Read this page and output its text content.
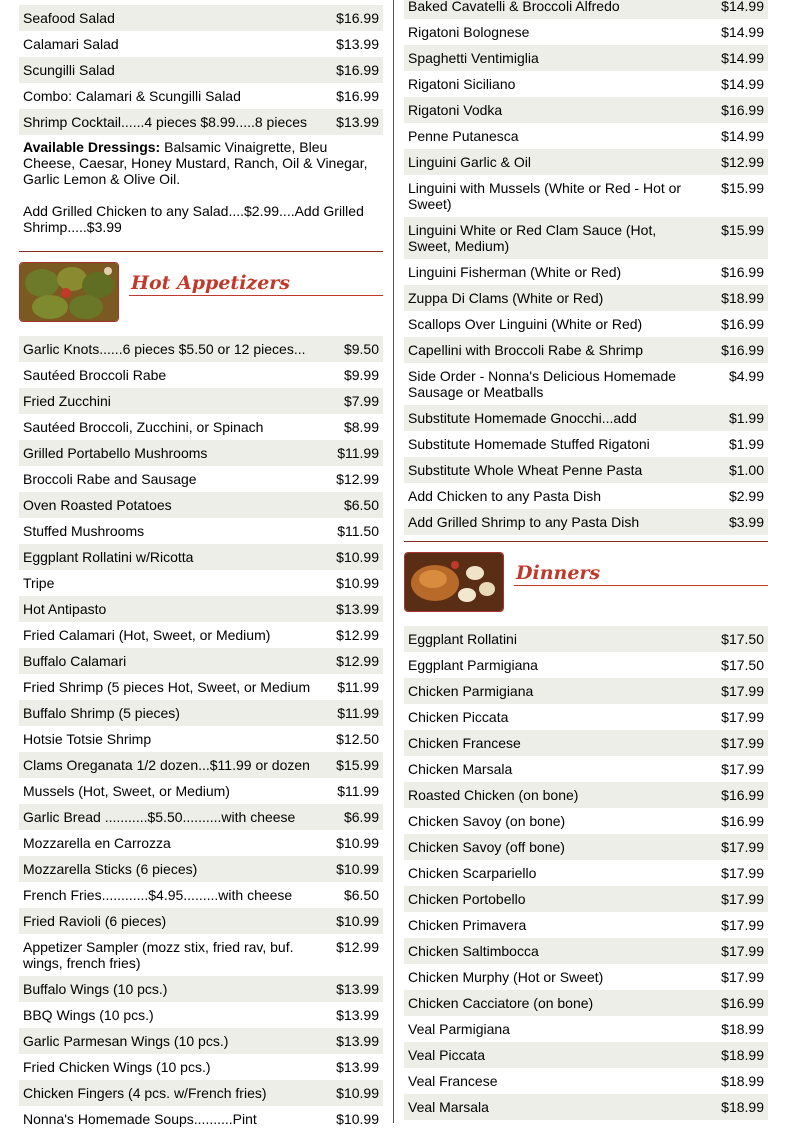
Seafood Salad	$16.99
Calamari Salad	$13.99
Scungilli Salad	$16.99
Combo: Calamari & Scungilli Salad	$16.99
Shrimp Cocktail......4 pieces $8.99.....8 pieces	$13.99

Available Dressings: Balsamic Vinaigrette, Bleu Cheese, Caesar, Honey Mustard, Ranch, Oil & Vinegar, Garlic Lemon & Olive Oil.

Add Grilled Chicken to any Salad....$2.99....Add Grilled Shrimp.....$3.99

Hot Appetizers
Garlic Knots......6 pieces $5.50 or 12 pieces...	$9.50
Sautéed Broccoli Rabe	$9.99
Fried Zucchini	$7.99
Sautéed Broccoli, Zucchini, or Spinach	$8.99
Grilled Portabello Mushrooms	$11.99
Broccoli Rabe and Sausage	$12.99
Oven Roasted Potatoes	$6.50
Stuffed Mushrooms	$11.50
Eggplant Rollatini w/Ricotta	$10.99
Tripe	$10.99
Hot Antipasto	$13.99
Fried Calamari (Hot, Sweet, or Medium)	$12.99
Buffalo Calamari	$12.99
Fried Shrimp (5 pieces Hot, Sweet, or Medium	$11.99
Buffalo Shrimp (5 pieces)	$11.99
Hotsie Totsie Shrimp	$12.50
Clams Oreganata 1/2 dozen...$11.99 or dozen	$15.99
Mussels (Hot, Sweet, or Medium)	$11.99
Garlic Bread ...........$5.50..........with cheese	$6.99
Mozzarella en Carrozza	$10.99
Mozzarella Sticks (6 pieces)	$10.99
French Fries............$4.95.........with cheese	$6.50
Fried Ravioli (6 pieces)	$10.99
Appetizer Sampler (mozz stix, fried rav, buf. wings, french fries)	$12.99
Buffalo Wings (10 pcs.)	$13.99
BBQ Wings (10 pcs.)	$13.99
Garlic Parmesan Wings (10 pcs.)	$13.99
Fried Chicken Wings (10 pcs.)	$13.99
Chicken Fingers (4 pcs. w/French fries)	$10.99
Nonna's Homemade Soups..........Pint	$10.99
Baked Cavatelli & Broccoli Alfredo	$14.99
Rigatoni Bolognese	$14.99
Spaghetti Ventimiglia	$14.99
Rigatoni Siciliano	$14.99
Rigatoni Vodka	$16.99
Penne Putanesca	$14.99
Linguini Garlic & Oil	$12.99
Linguini with Mussels (White or Red - Hot or Sweet)	$15.99
Linguini White or Red Clam Sauce (Hot, Sweet, Medium)	$15.99
Linguini Fisherman (White or Red)	$16.99
Zuppa Di Clams (White or Red)	$18.99
Scallops Over Linguini (White or Red)	$16.99
Capellini with Broccoli Rabe & Shrimp	$16.99
Side Order - Nonna's Delicious Homemade Sausage or Meatballs	$4.99
Substitute Homemade Gnocchi...add	$1.99
Substitute Homemade Stuffed Rigatoni	$1.99
Substitute Whole Wheat Penne Pasta	$1.00
Add Chicken to any Pasta Dish	$2.99
Add Grilled Shrimp to any Pasta Dish	$3.99
Dinners
Eggplant Rollatini	$17.50
Eggplant Parmigiana	$17.50
Chicken Parmigiana	$17.99
Chicken Piccata	$17.99
Chicken Francese	$17.99
Chicken Marsala	$17.99
Roasted Chicken (on bone)	$16.99
Chicken Savoy (on bone)	$16.99
Chicken Savoy (off bone)	$17.99
Chicken Scarpariello	$17.99
Chicken Portobello	$17.99
Chicken Primavera	$17.99
Chicken Saltimbocca	$17.99
Chicken Murphy (Hot or Sweet)	$17.99
Chicken Cacciatore (on bone)	$16.99
Veal Parmigiana	$18.99
Veal Piccata	$18.99
Veal Francese	$18.99
Veal Marsala	$18.99
